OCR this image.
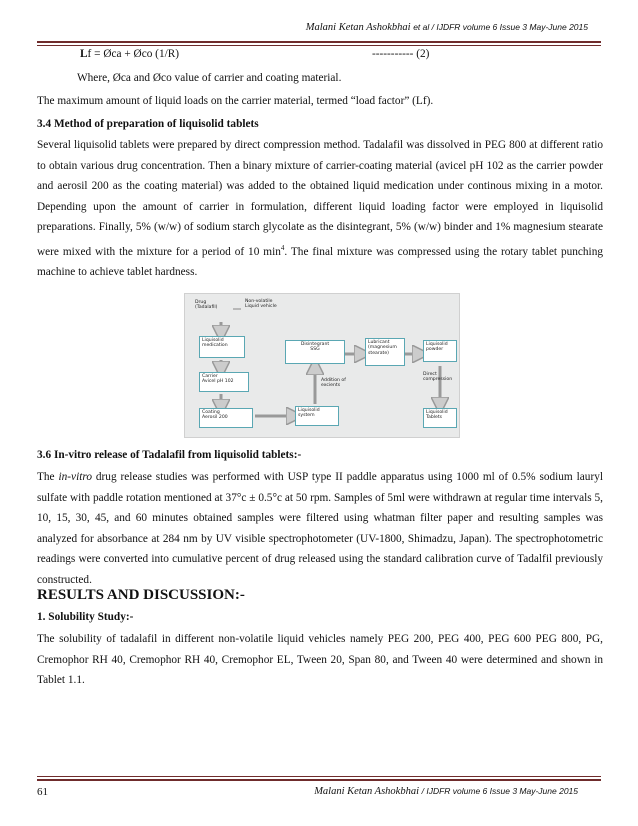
Malani Ketan Ashokbhai et al / IJDFR volume 6 Issue 3 May-June 2015
Lf = Øca + Øco (1/R)	----------- (2)
Where, Øca and Øco value of carrier and coating material.
The maximum amount of liquid loads on the carrier material, termed “load factor” (Lf).
3.4 Method of preparation of liquisolid tablets
Several liquisolid tablets were prepared by direct compression method. Tadalafil was dissolved in PEG 800 at different ratio to obtain various drug concentration. Then a binary mixture of carrier-coating material (avicel pH 102 as the carrier powder and aerosil 200 as the coating material) was added to the obtained liquid medication under continous mixing in a motor. Depending upon the amount of carrier in formulation, different liquid loading factor were employed in liquisolid preparations. Finally, 5% (w/w) of sodium starch glycolate as the disintegrant, 5% (w/w) binder and 1% magnesium stearate were mixed with the mixture for a period of 10 $\min^4$. The final mixture was compressed using the rotary tablet punching machine to achieve tablet hardness.
Drug
(Tadalafil)
Non-volatile
Liquid vehicle
Liquisolid
medication
Carrier
Avicel pH 102
Coating
Aerosil 200
Liquisolid
system
Addition of
excients
Disintegrant
SSG
Lubricant
(magnesium
stearate)
Liquisolid
powder
Direct
compression
Liquisolid
Tablets
3.6 In-vitro release of Tadalafil from liquisolid tablets:-
The in-vitro drug release studies was performed with USP type II paddle apparatus using 1000 ml of 0.5% sodium lauryl sulfate with paddle rotation mentioned at 37°c ± 0.5°c at 50 rpm. Samples of 5ml were withdrawn at regular time intervals 5, 10, 15, 30, 45, and 60 minutes obtained samples were filtered using whatman filter paper and resulting samples was analyzed for absorbance at 284 nm by UV visible spectrophotometer (UV-1800, Shimadzu, Japan). The spectrophotometric readings were converted into cumulative percent of drug released using the standard calibration curve of Tadalfil previously constructed.
RESULTS AND DISCUSSION:-
1. Solubility Study:-
The solubility of tadalafil in different non-volatile liquid vehicles namely PEG 200, PEG 400, PEG 600 PEG 800, PG, Cremophor RH 40, Cremophor RH 40, Cremophor EL, Tween 20, Span 80, and Tween 40 were determined and shown in Tablet 1.1.
61	Malani Ketan Ashokbhai / IJDFR volume 6 Issue 3 May-June 2015
